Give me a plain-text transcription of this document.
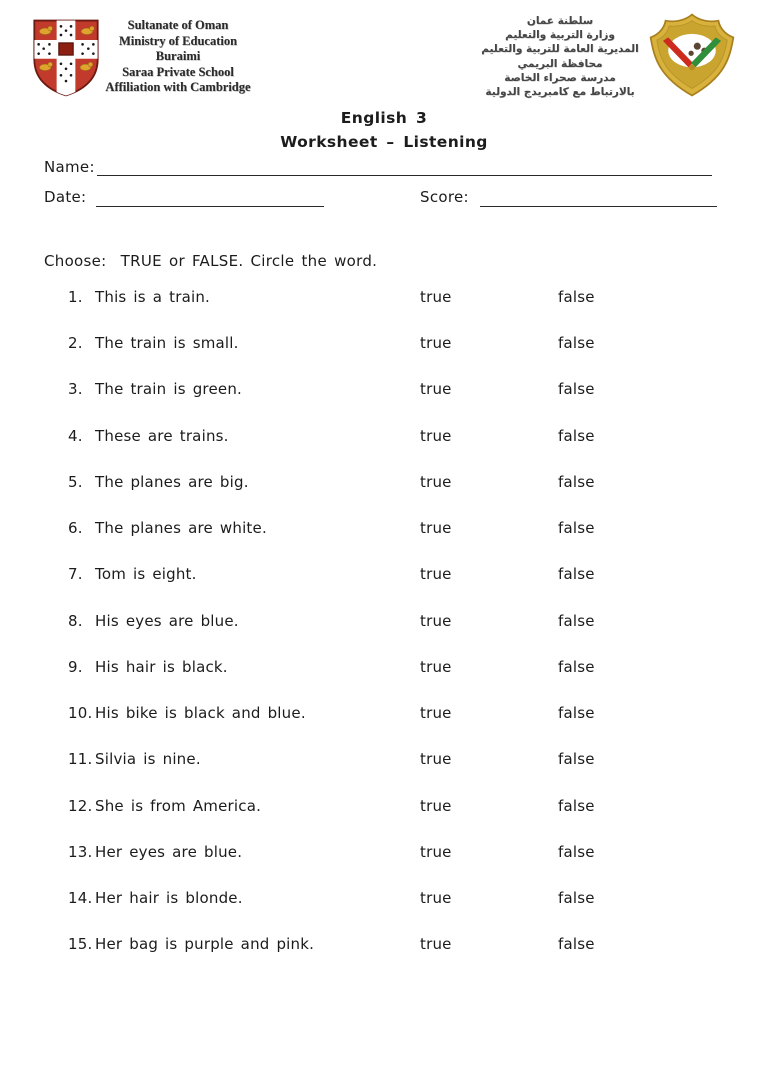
Sultanate of Oman
Ministry of Education
Buraimi
Saraa Private School
Affiliation with Cambridge
سلطنة عمان
وزارة التربية والتعليم
المديرية العامة للتربية والتعليم
محافظة البريمي
مدرسة صحراء الخاصة
بالارتباط مع كامبريدج الدولية
English 3
Worksheet – Listening
Name:
Date:	Score:
Choose:  TRUE or FALSE. Circle the word.
1. This is a train.	true	false
2. The train is small.	true	false
3. The train is green.	true	false
4. These are trains.	true	false
5. The planes are big.	true	false
6. The planes are white.	true	false
7. Tom is eight.	true	false
8. His eyes are blue.	true	false
9. His hair is black.	true	false
10. His bike is black and blue.	true	false
11. Silvia is nine.	true	false
12. She is from America.	true	false
13. Her eyes are blue.	true	false
14. Her hair is blonde.	true	false
15. Her bag is purple and pink.	true	false
